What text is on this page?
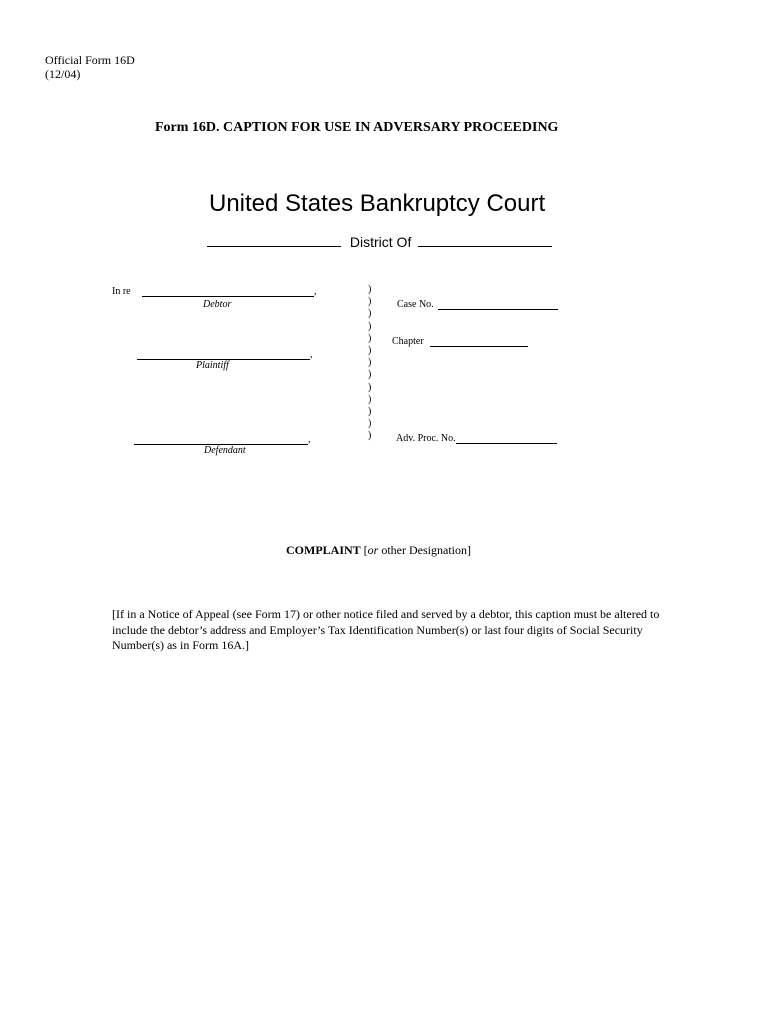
Official Form 16D
(12/04)
Form 16D. CAPTION FOR USE IN ADVERSARY PROCEEDING
United States Bankruptcy Court
District Of
In re	,
Debtor
,
Plaintiff
,
Defendant
)
)
)
)
)
)
)
)
)
)
)
)
)
Case No.
Chapter
Adv. Proc. No.
COMPLAINT [or other Designation]
[If in a Notice of Appeal (see Form 17) or other notice filed and served by a debtor, this caption must be altered to
include the debtor’s address and Employer’s Tax Identification Number(s) or last four digits of Social Security
Number(s) as in Form 16A.]
